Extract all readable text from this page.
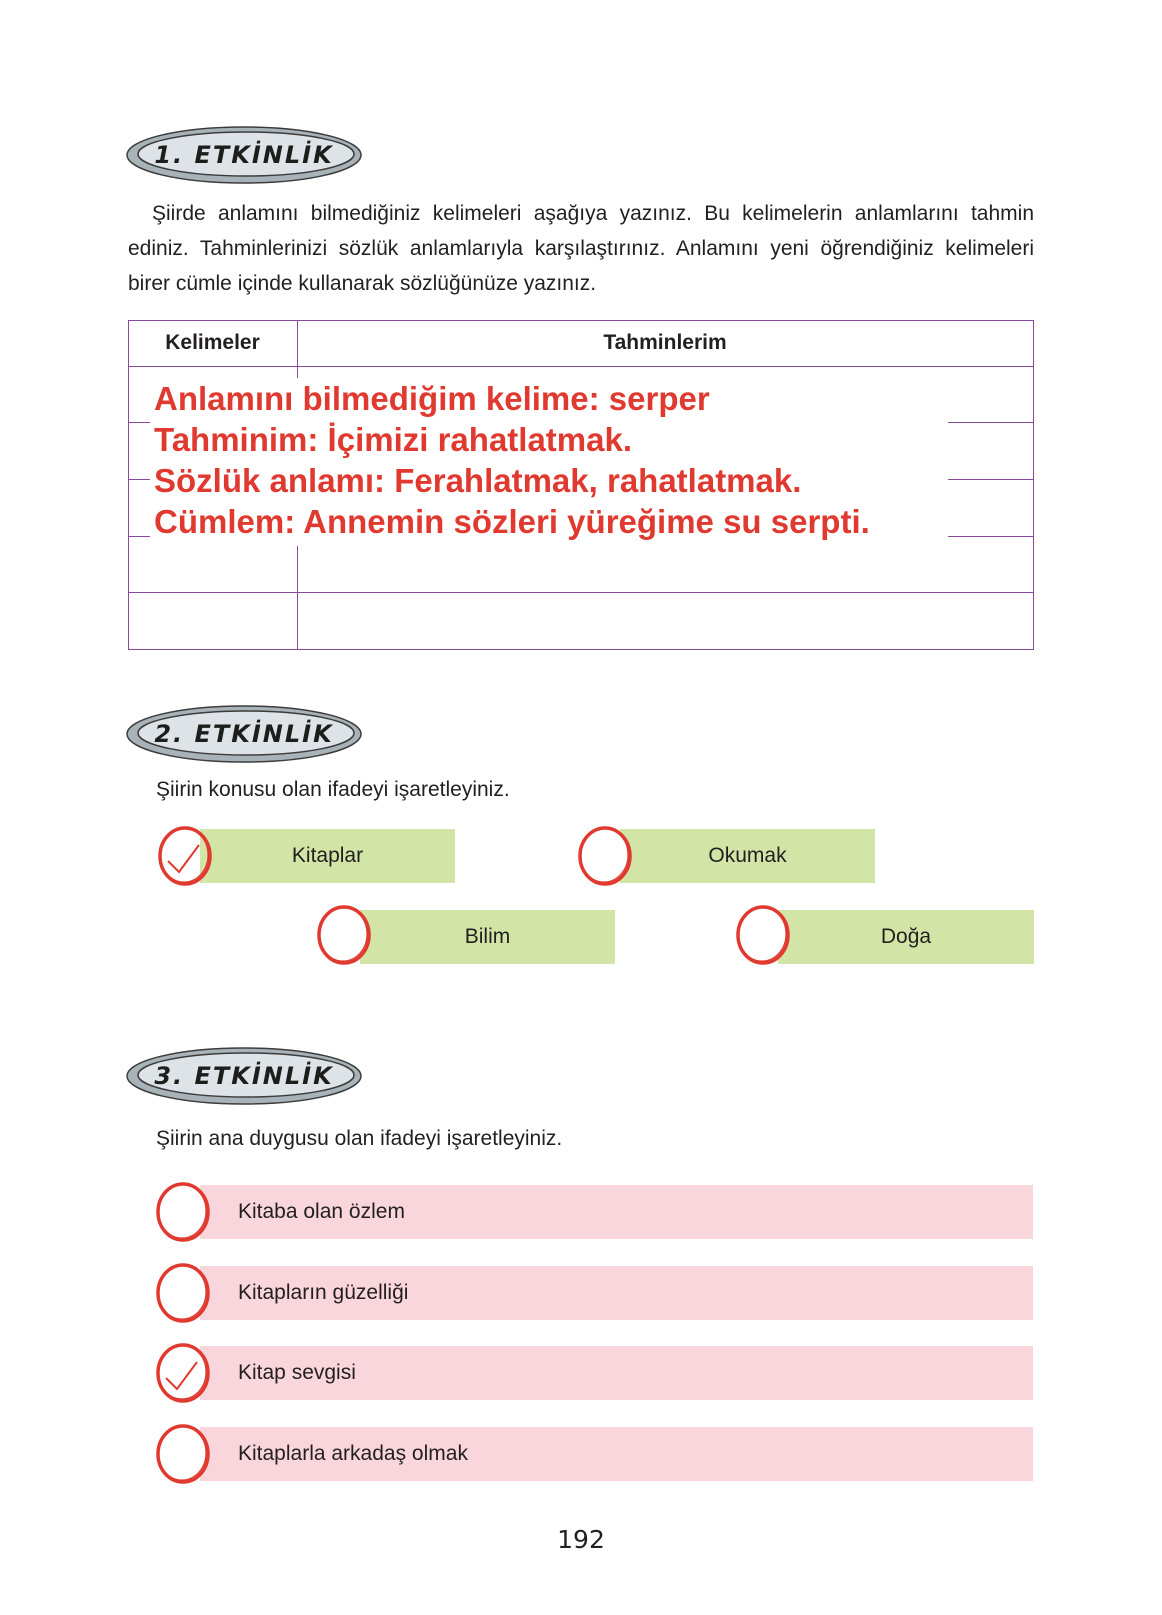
1. ETKİNLİK
Şiirde anlamını bilmediğiniz kelimeleri aşağıya yazınız. Bu kelimelerin anlamlarını tahmin ediniz. Tahminlerinizi sözlük anlamlarıyla karşılaştırınız. Anlamını yeni öğrendiğiniz kelimeleri birer cümle içinde kullanarak sözlüğünüze yazınız.
Kelimeler	Tahminlerim
Anlamını bilmediğim kelime: serper
Tahminim: İçimizi rahatlatmak.
Sözlük anlamı: Ferahlatmak, rahatlatmak.
Cümlem: Annemin sözleri yüreğime su serpti.
2. ETKİNLİK
Şiirin konusu olan ifadeyi işaretleyiniz.
Kitaplar	Okumak
Bilim	Doğa
3. ETKİNLİK
Şiirin ana duygusu olan ifadeyi işaretleyiniz.
Kitaba olan özlem
Kitapların güzelliği
Kitap sevgisi
Kitaplarla arkadaş olmak
192
